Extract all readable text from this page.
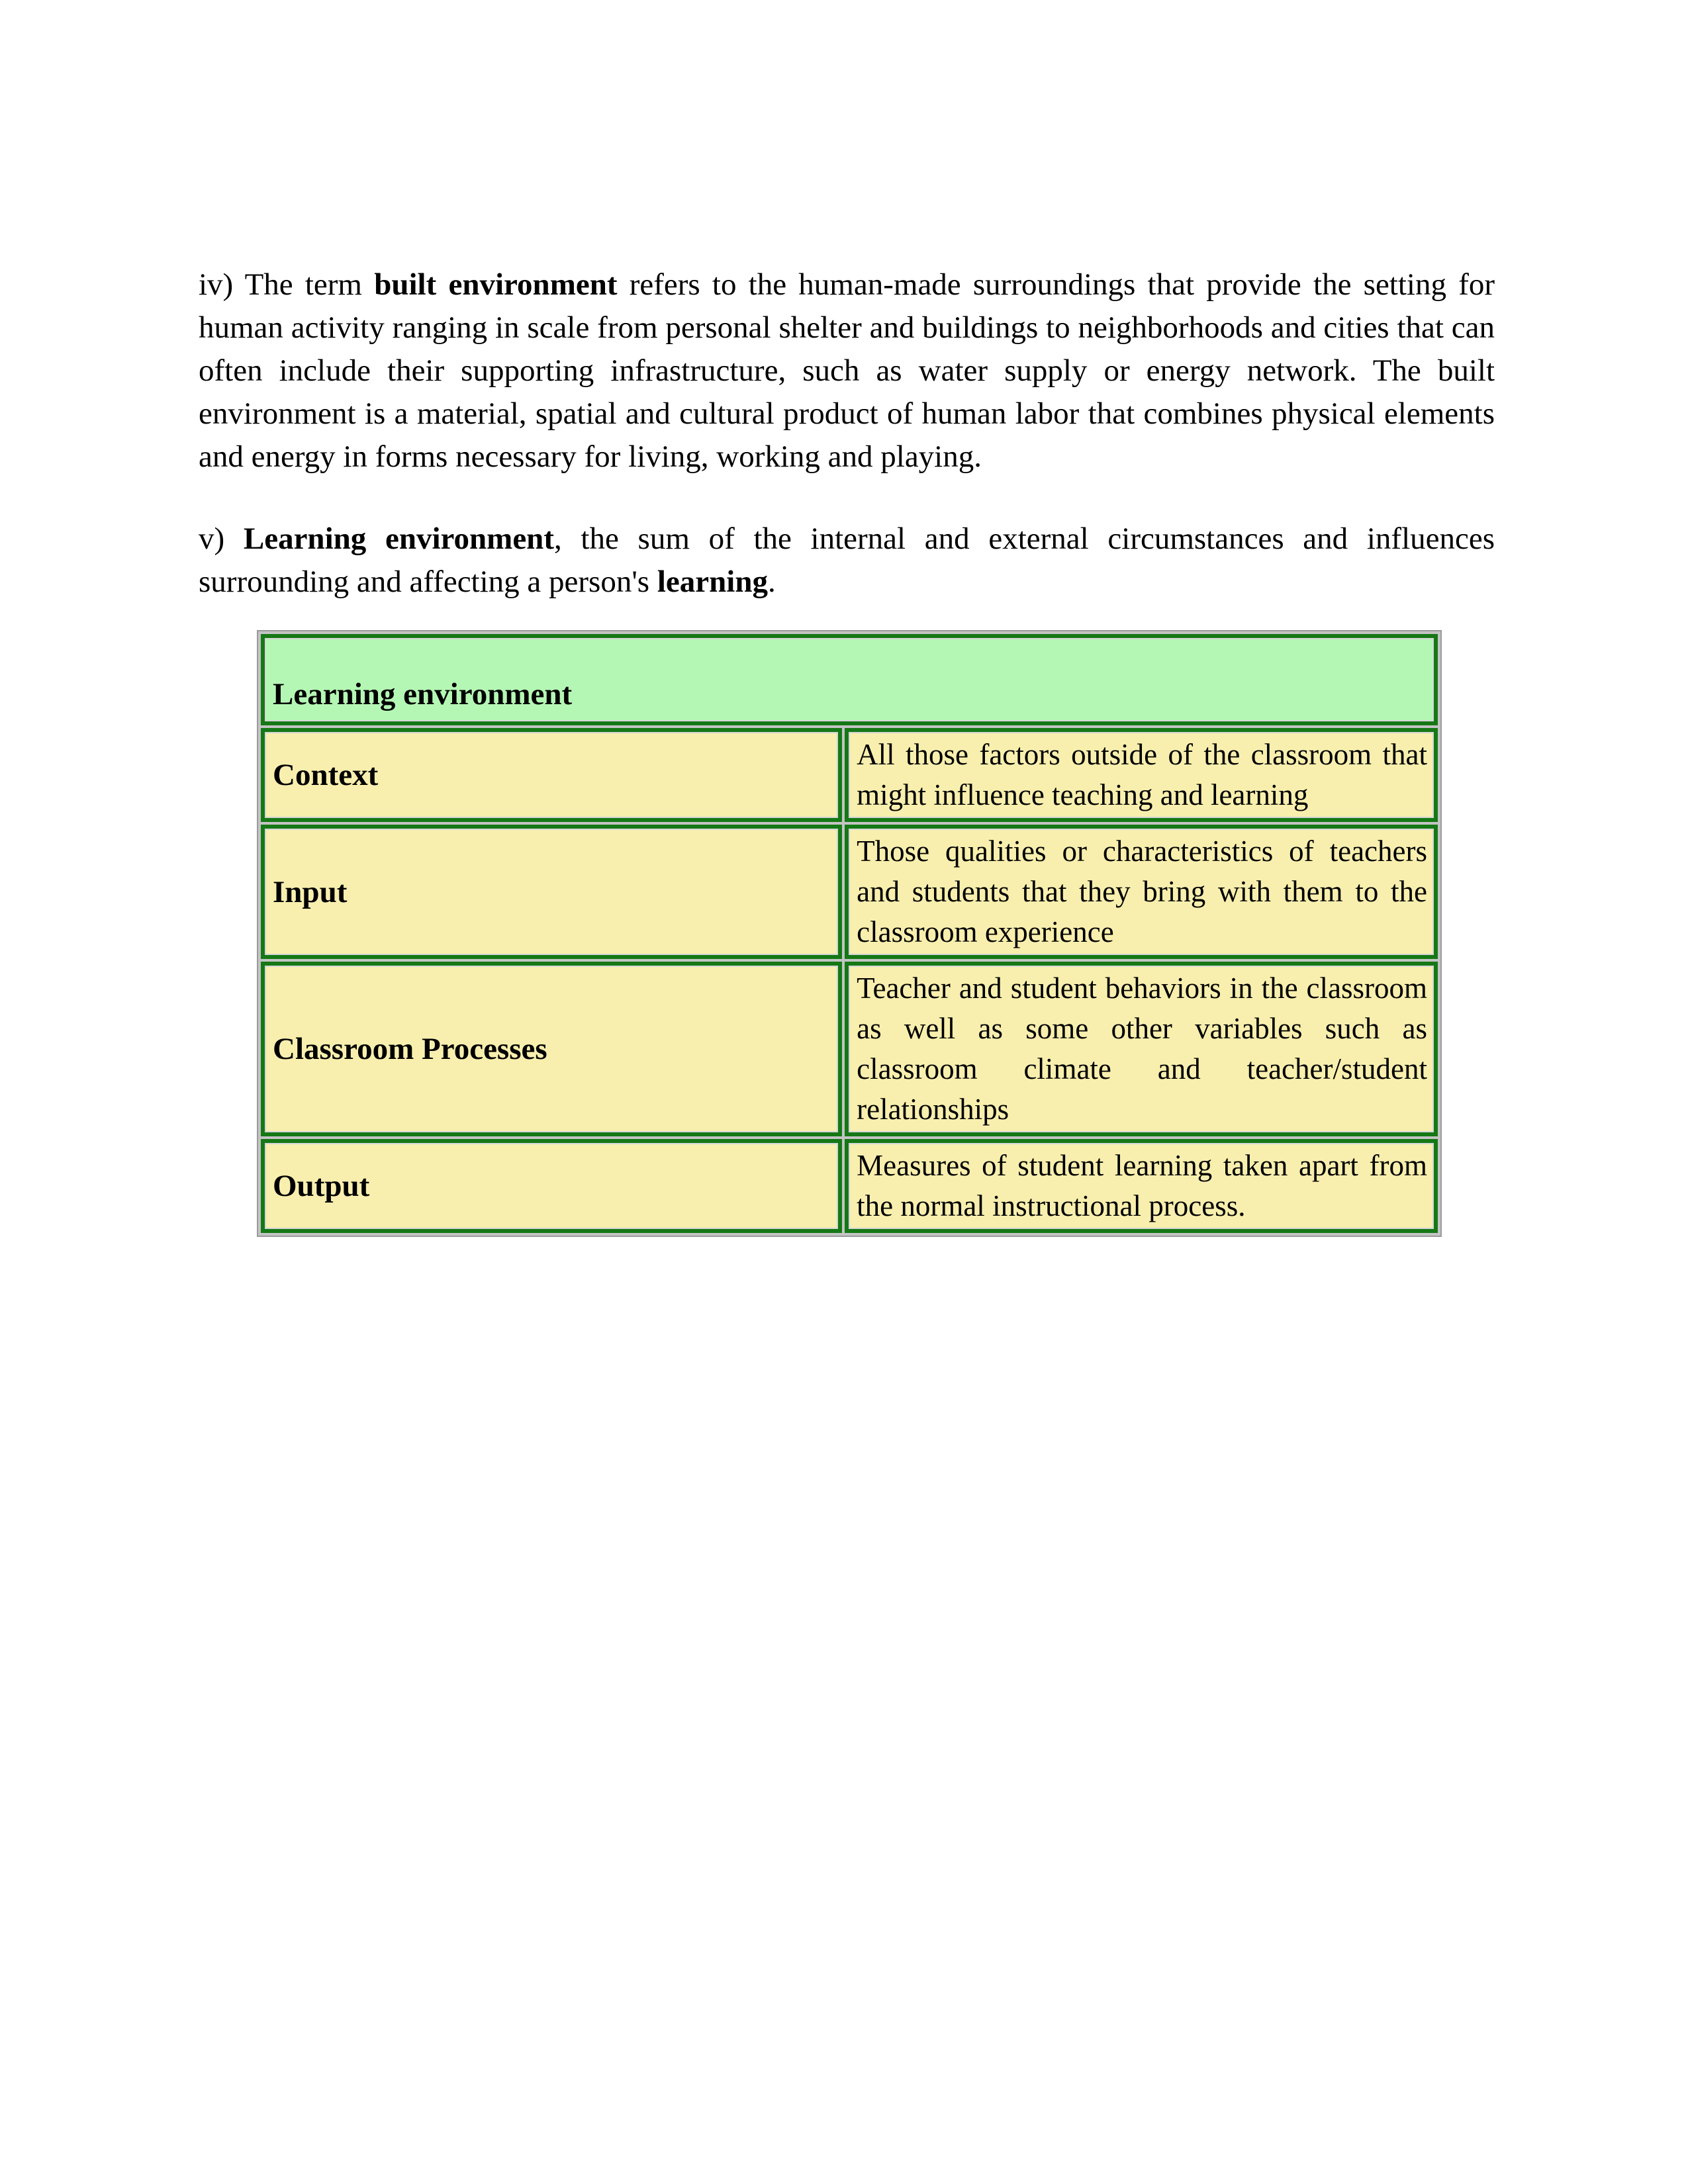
iv) The term built environment refers to the human-made surroundings that provide the setting for human activity ranging in scale from personal shelter and buildings to neighborhoods and cities that can often include their supporting infrastructure, such as water supply or energy network. The built environment is a material, spatial and cultural product of human labor that combines physical elements and energy in forms necessary for living, working and playing.

v) Learning environment, the sum of the internal and external circumstances and influences surrounding and affecting a person's learning.

Learning environment	
Context	All those factors outside of the classroom that might influence teaching and learning
Input	Those qualities or characteristics of teachers and students that they bring with them to the classroom experience
Classroom Processes	Teacher and student behaviors in the classroom as well as some other variables such as classroom climate and teacher/student relationships
Output	Measures of student learning taken apart from the normal instructional process.
